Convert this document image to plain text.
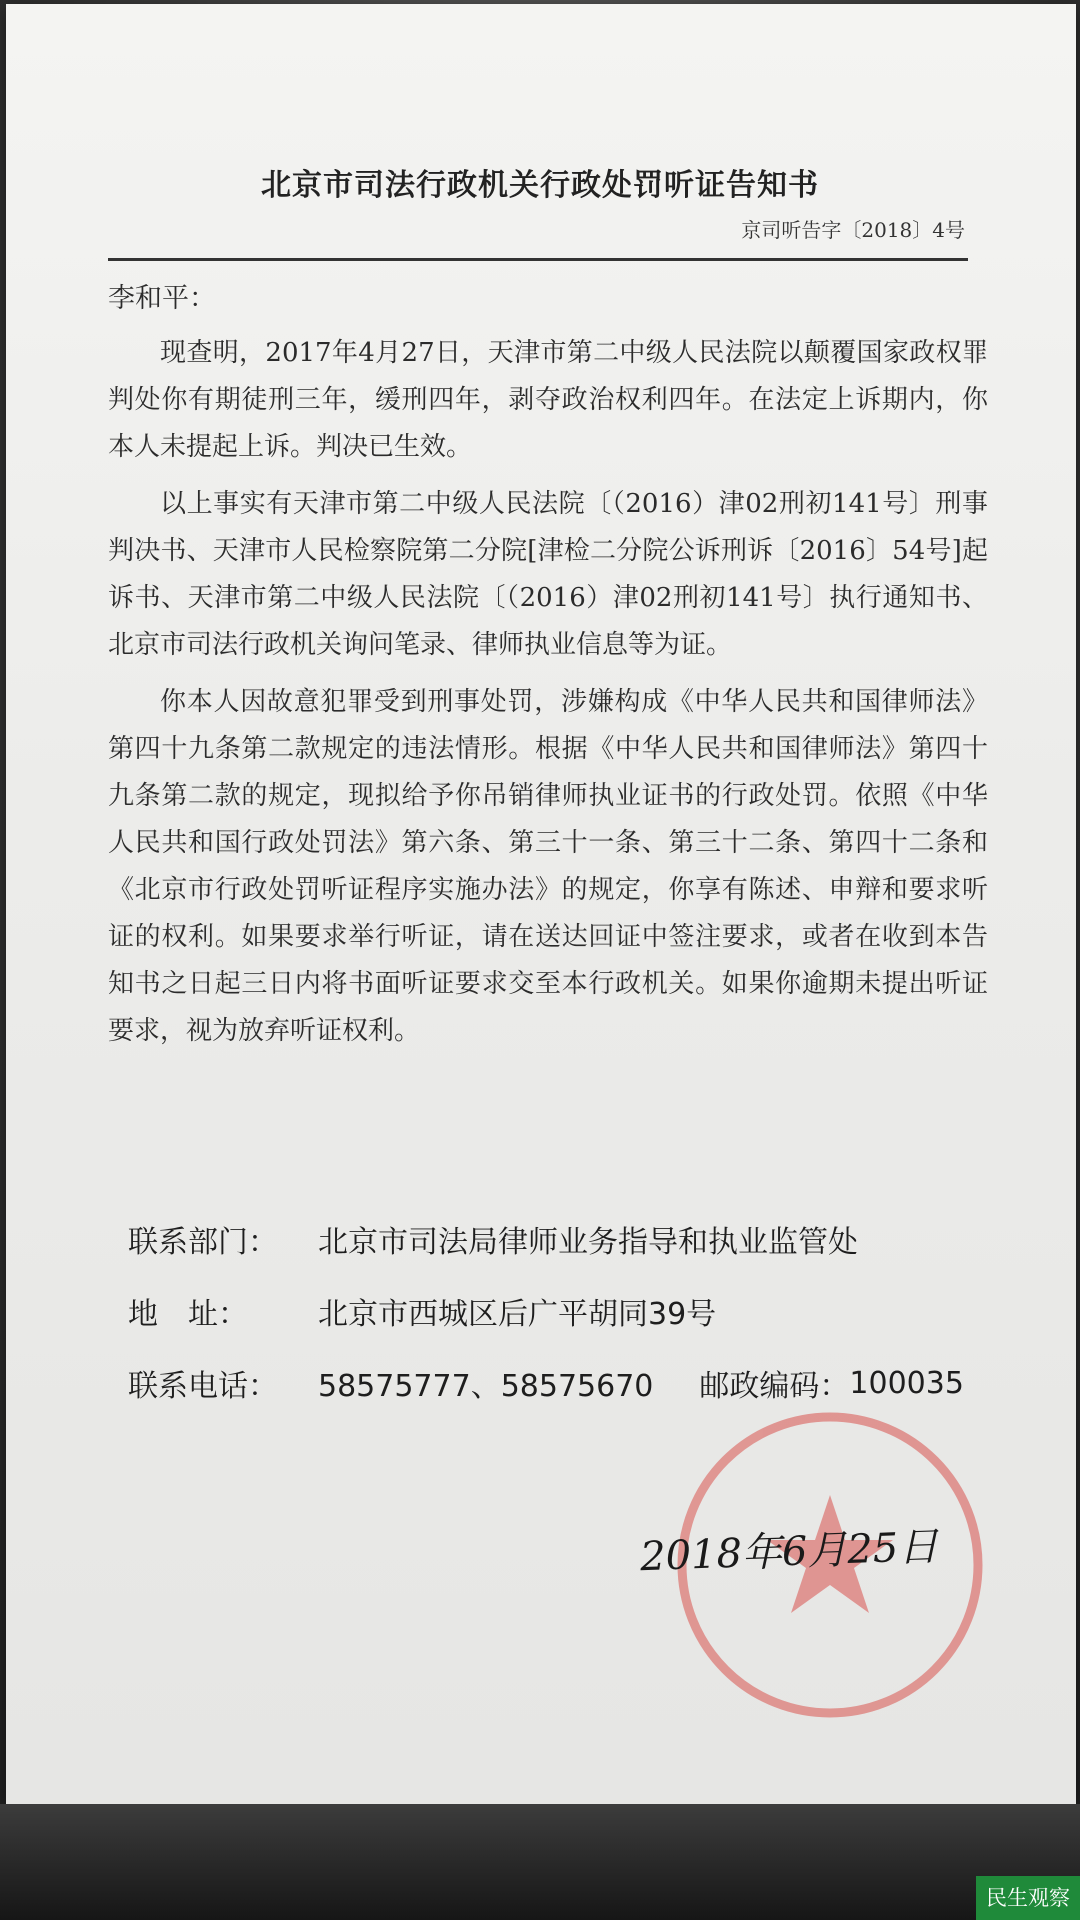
北京市司法行政机关行政处罚听证告知书
京司听告字〔2018〕4号
李和平：

现查明，2017年4月27日，天津市第二中级人民法院以颠覆国家政权罪判处你有期徒刑三年，缓刑四年，剥夺政治权利四年。在法定上诉期内，你本人未提起上诉。判决已生效。

以上事实有天津市第二中级人民法院〔（2016）津02刑初141号〕刑事判决书、天津市人民检察院第二分院[津检二分院公诉刑诉〔2016〕54号]起诉书、天津市第二中级人民法院〔（2016）津02刑初141号〕执行通知书、北京市司法行政机关询问笔录、律师执业信息等为证。

你本人因故意犯罪受到刑事处罚，涉嫌构成《中华人民共和国律师法》第四十九条第二款规定的违法情形。根据《中华人民共和国律师法》第四十九条第二款的规定，现拟给予你吊销律师执业证书的行政处罚。依照《中华人民共和国行政处罚法》第六条、第三十一条、第三十二条、第四十二条和《北京市行政处罚听证程序实施办法》的规定，你享有陈述、申辩和要求听证的权利。如果要求举行听证，请在送达回证中签注要求，或者在收到本告知书之日起三日内将书面听证要求交至本行政机关。如果你逾期未提出听证要求，视为放弃听证权利。

联系部门：	北京市司法局律师业务指导和执业监管处
地　址：	北京市西城区后广平胡同39号
联系电话：	58575777、58575670 邮政编码： 100035
2018年6月25日
民生观察
